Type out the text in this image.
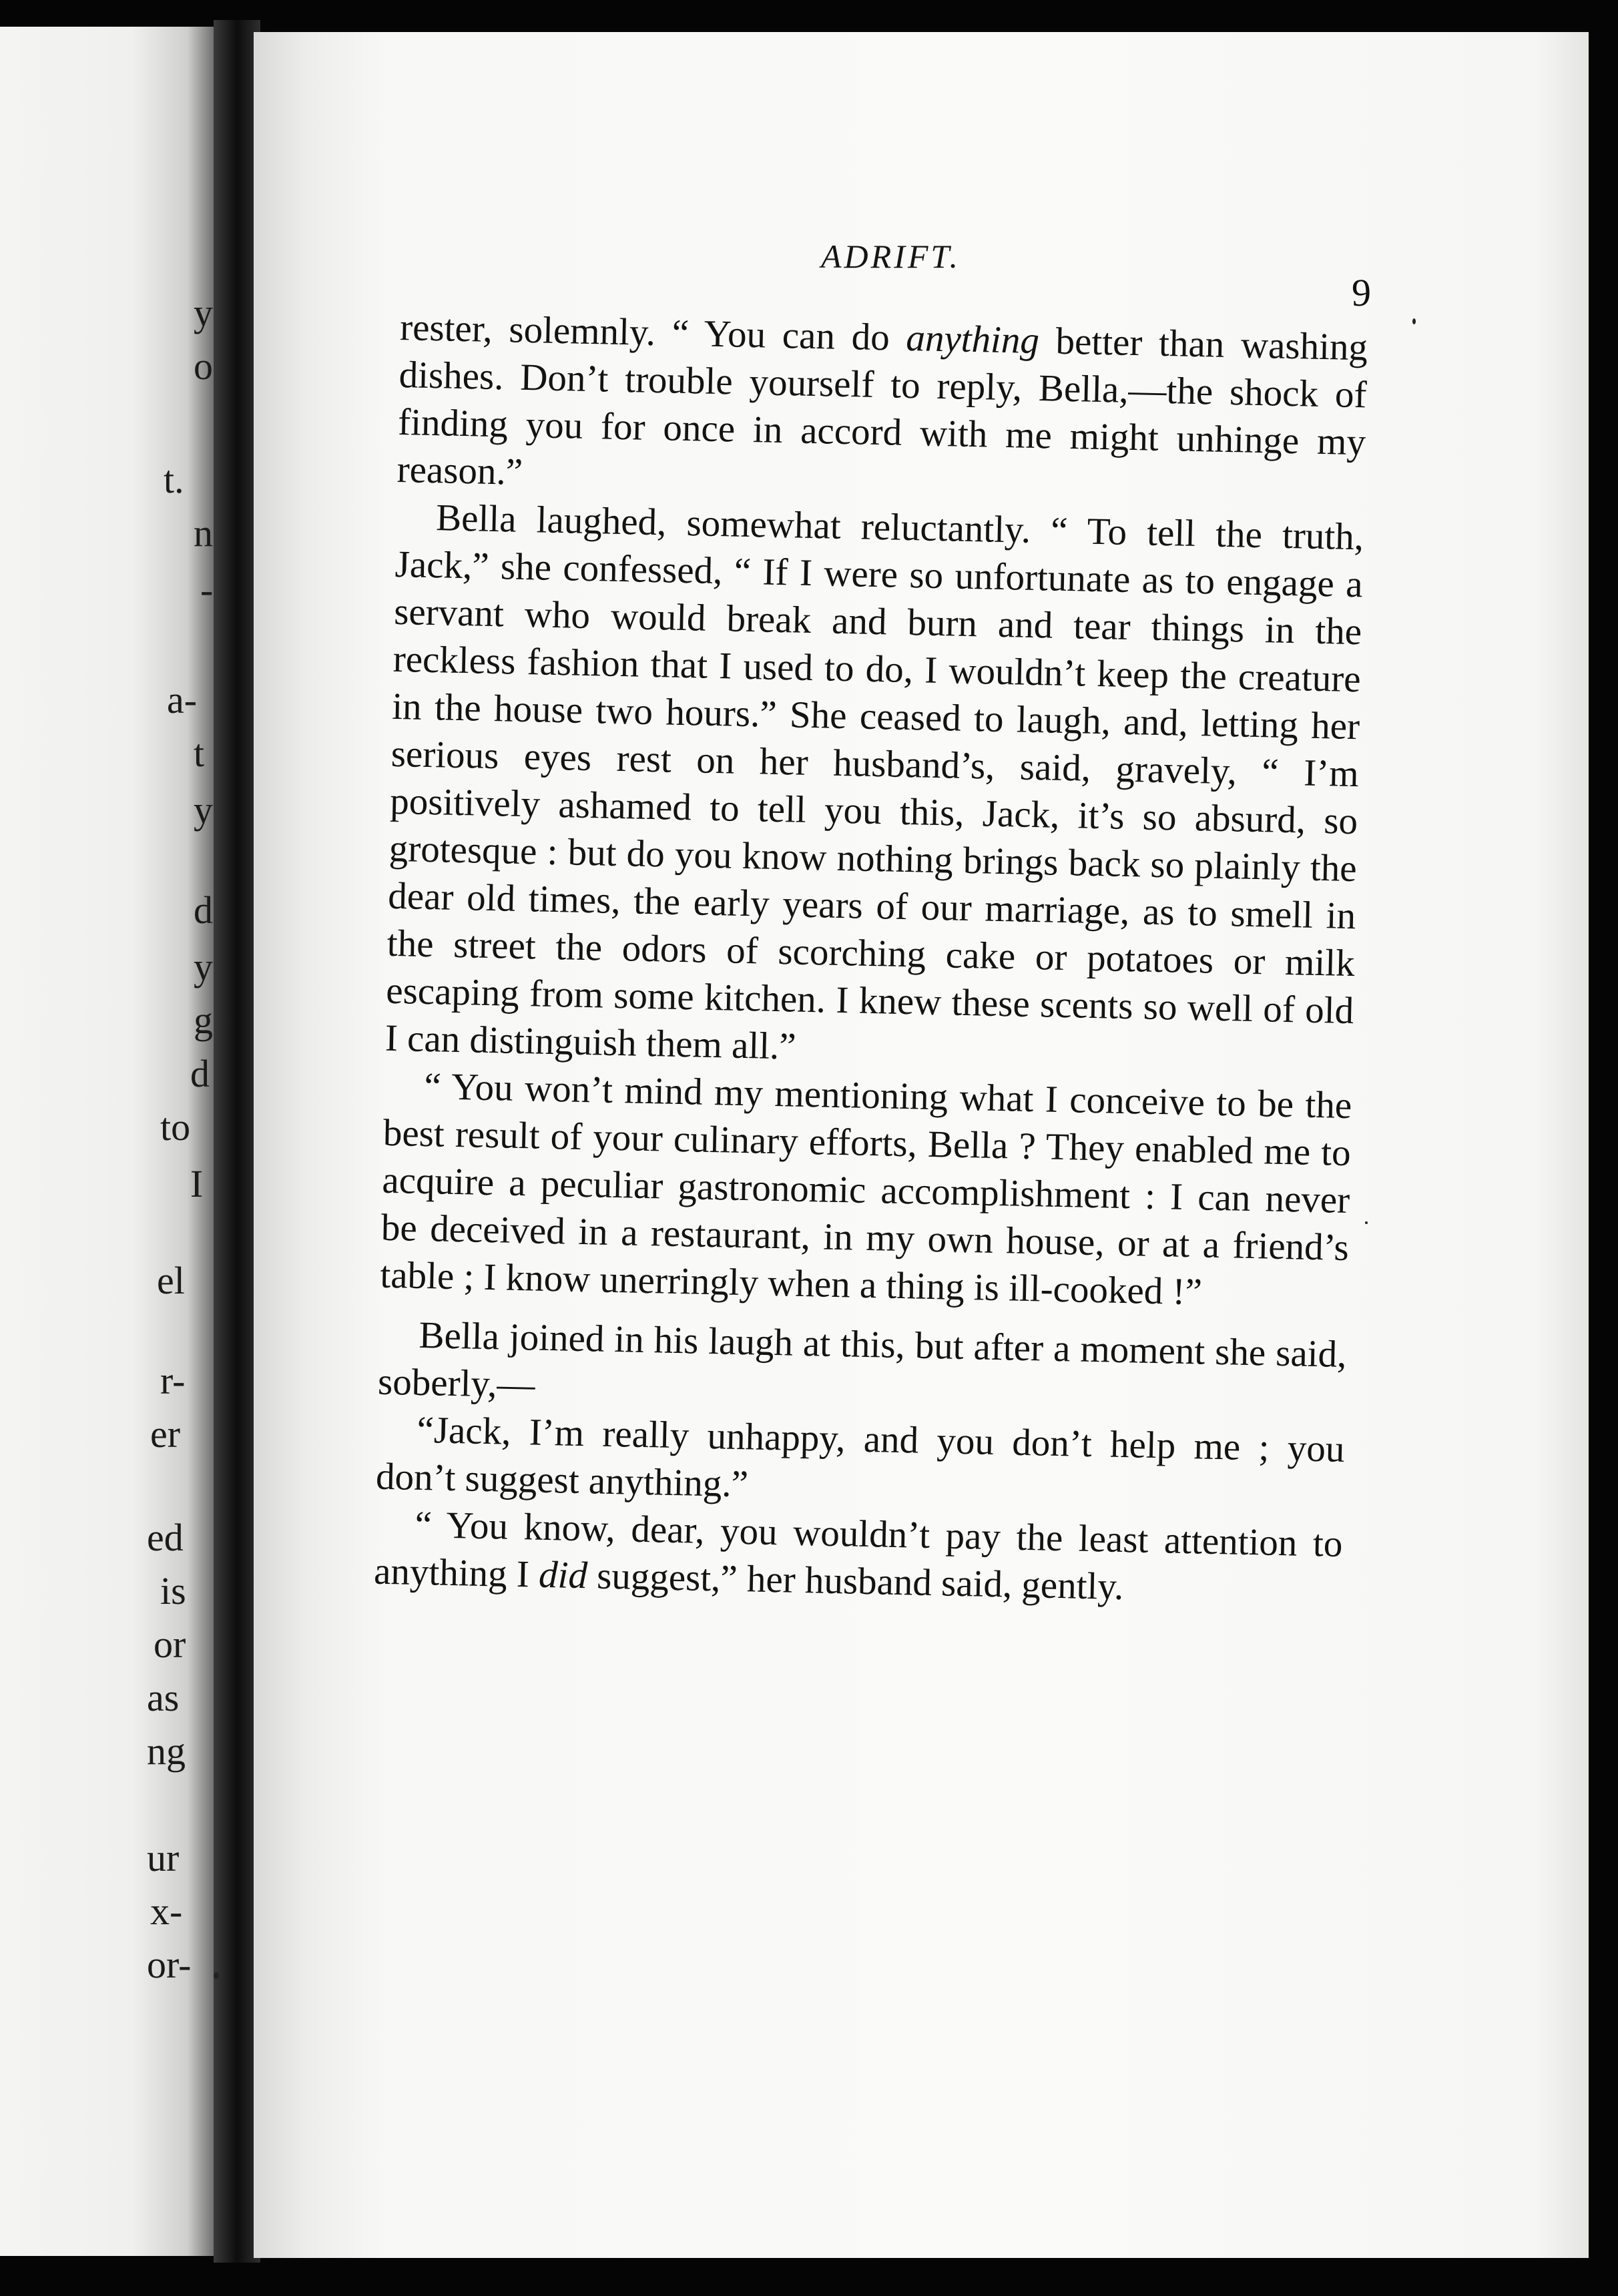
y
o
t.
n
-
a-
t
y
d
y
g
d
to
I
el
r-
er
ed
is
or
as
ng
ur
x-
or-
ADRIFT.
9

rester, solemnly. “ You can do anything better than washing dishes. Don’t trouble yourself to reply, Bella,—the shock of finding you for once in accord with me might unhinge my reason.”

Bella laughed, somewhat reluctantly. “ To tell the truth, Jack,” she confessed, “ If I were so unfortunate as to engage a servant who would break and burn and tear things in the reckless fashion that I used to do, I wouldn’t keep the creature in the house two hours.” She ceased to laugh, and, letting her serious eyes rest on her husband’s, said, gravely, “ I’m positively ashamed to tell you this, Jack, it’s so absurd, so grotesque : but do you know nothing brings back so plainly the dear old times, the early years of our marriage, as to smell in the street the odors of scorching cake or potatoes or milk escaping from some kitchen. I knew these scents so well of old I can distinguish them all.”

“ You won’t mind my mentioning what I conceive to be the best result of your culinary efforts, Bella ? They enabled me to acquire a peculiar gastronomic accomplishment : I can never be deceived in a restaurant, in my own house, or at a friend’s table ; I know unerringly when a thing is ill-cooked !”

Bella joined in his laugh at this, but after a moment she said, soberly,—

“Jack, I’m really unhappy, and you don’t help me ; you don’t suggest anything.”

“ You know, dear, you wouldn’t pay the least attention to anything I did suggest,” her husband said, gently.
